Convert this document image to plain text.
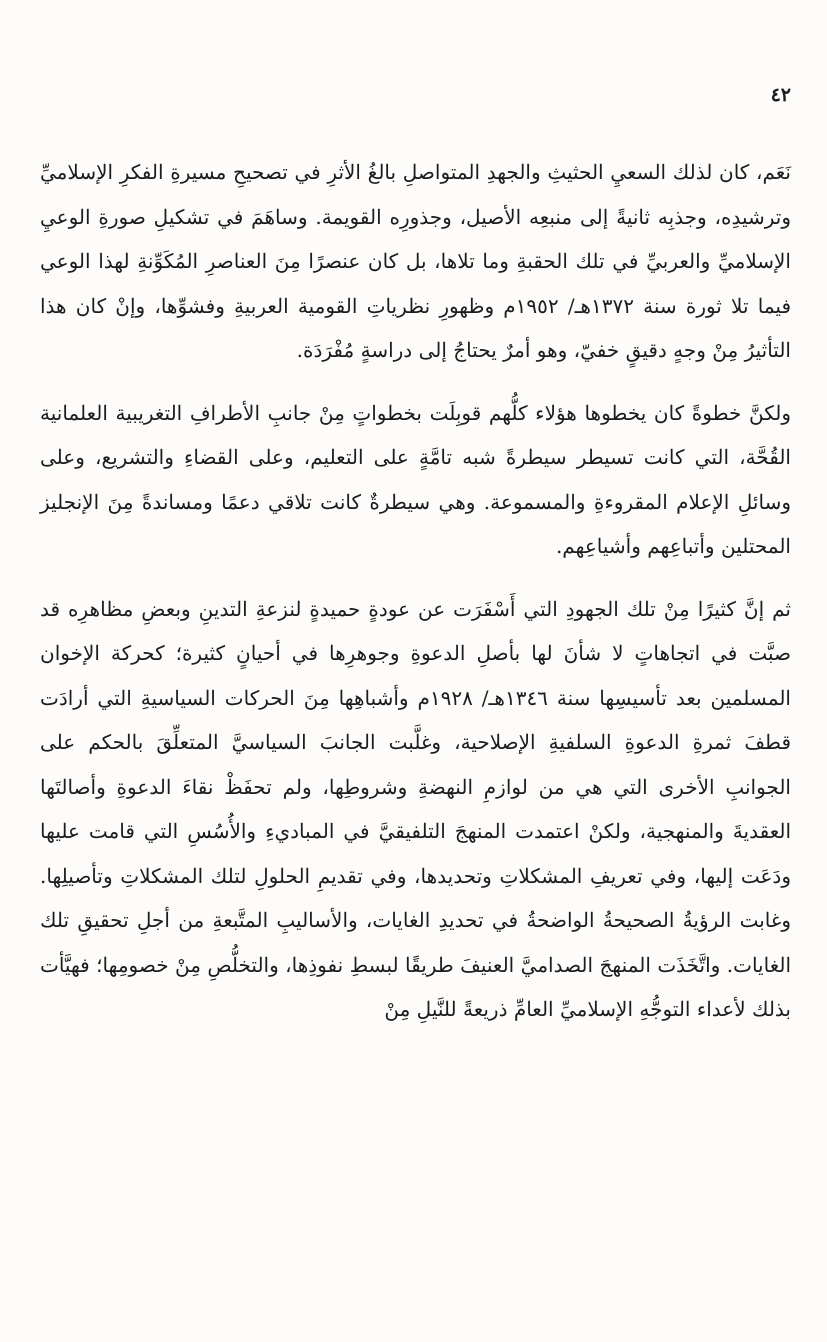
٤٢

نَعَم، كان لذلك السعيِ الحثيثِ والجهدِ المتواصلِ بالغُ الأثرِ في تصحيحِ مسيرةِ الفكرِ الإسلاميِّ وترشيدِه، وجذبِه ثانيةً إلى منبعِه الأصيل، وجذورِه القويمة. وساهَمَ في تشكيلِ صورةِ الوعيِ الإسلاميِّ والعربيِّ في تلك الحقبةِ وما تلاها، بل كان عنصرًا مِنَ العناصرِ المُكَوِّنةِ لهذا الوعي فيما تلا ثورة سنة ١٣٧٢هـ/ ١٩٥٢م وظهورِ نظرياتِ القومية العربيةِ وفشوِّها، وإنْ كان هذا التأثيرُ مِنْ وجهٍ دقيقٍ خفيّ، وهو أمرٌ يحتاجُ إلى دراسةٍ مُفْرَدَة.

ولكنَّ خطوةً كان يخطوها هؤلاء كلُّهم قوبِلَت بخطواتٍ مِنْ جانبِ الأطرافِ التغريبية العلمانية القُحَّة، التي كانت تسيطر سيطرةً شبه تامَّةٍ على التعليم، وعلى القضاءِ والتشريع، وعلى وسائلِ الإعلام المقروءةِ والمسموعة. وهي سيطرةٌ كانت تلاقي دعمًا ومساندةً مِنَ الإنجليز المحتلين وأتباعِهم وأشياعِهم.

ثم إنَّ كثيرًا مِنْ تلك الجهودِ التي أَسْفَرَت عن عودةٍ حميدةٍ لنزعةِ التدينِ وبعضِ مظاهرِه قد صبَّت في اتجاهاتٍ لا شأنَ لها بأصلِ الدعوةِ وجوهرِها في أحيانٍ كثيرة؛ كحركة الإخوان المسلمين بعد تأسيسِها سنة ١٣٤٦هـ/ ١٩٢٨م وأشباهِها مِنَ الحركات السياسيةِ التي أرادَت قطفَ ثمرةِ الدعوةِ السلفيةِ الإصلاحية، وغلَّبت الجانبَ السياسيَّ المتعلِّقَ بالحكم على الجوانبِ الأخرى التي هي من لوازمِ النهضةِ وشروطِها، ولم تحفَظْ نقاءَ الدعوةِ وأصالتَها العقديةَ والمنهجية، ولكنْ اعتمدت المنهجَ التلفيقيَّ في المباديءِ والأُسُسِ التي قامت عليها ودَعَت إليها، وفي تعريفِ المشكلاتِ وتحديدها، وفي تقديمِ الحلولِ لتلك المشكلاتِ وتأصيلِها. وغابت الرؤيةُ الصحيحةُ الواضحةُ في تحديدِ الغايات، والأساليبِ المتَّبعةِ من أجلِ تحقيقِ تلك الغايات. واتَّخَذَت المنهجَ الصداميَّ العنيفَ طريقًا لبسطِ نفوذِها، والتخلُّصِ مِنْ خصومِها؛ فهيَّأت بذلك لأعداء التوجُّهِ الإسلاميِّ العامِّ ذريعةً للنَّيلِ مِنْ
